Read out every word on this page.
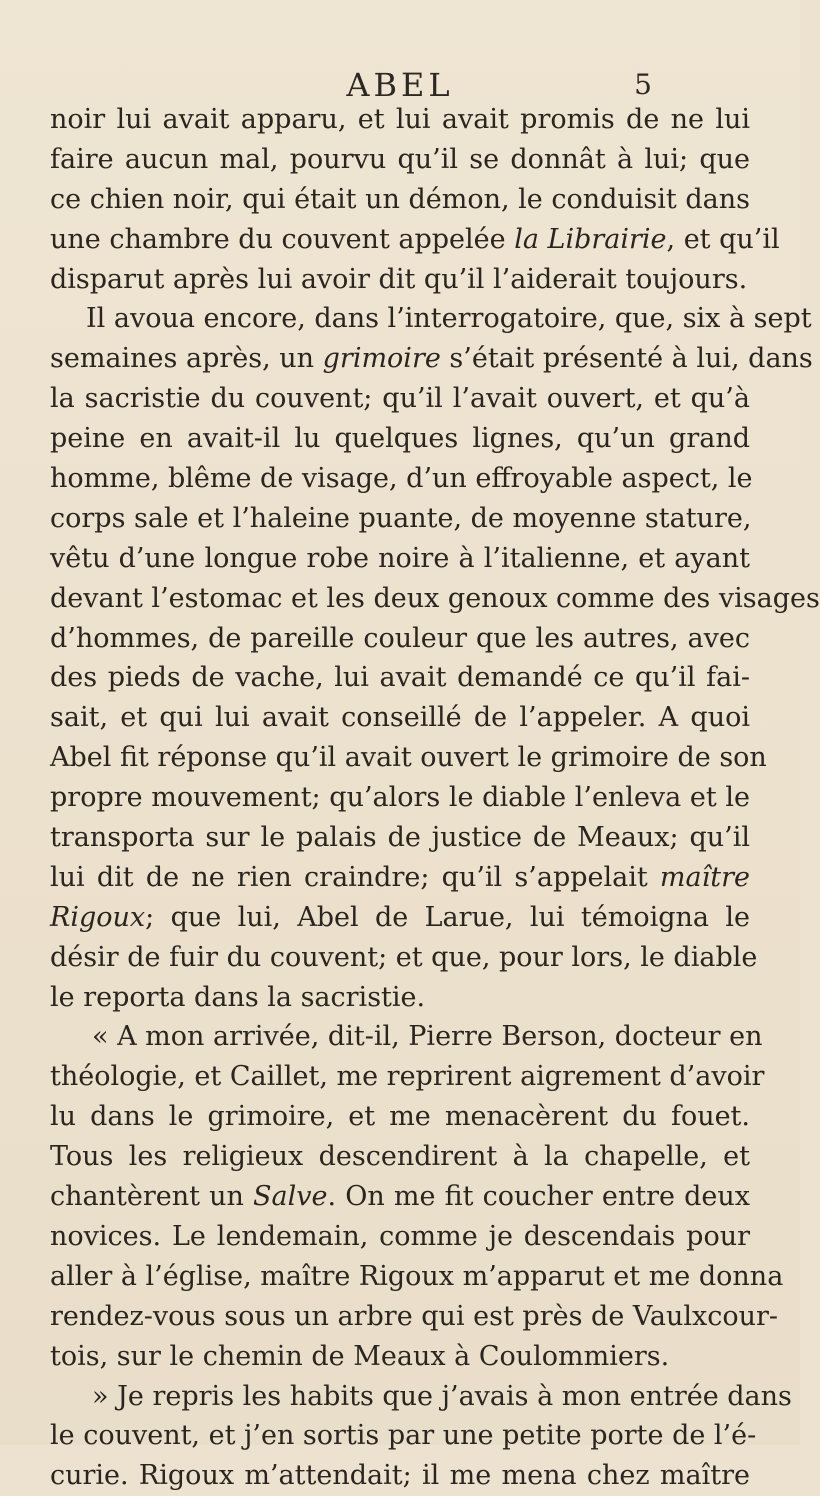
ABEL	5
noir lui avait apparu, et lui avait promis de ne lui
faire aucun mal, pourvu qu’il se donnât à lui; que
ce chien noir, qui était un démon, le conduisit dans
une chambre du couvent appelée la Librairie, et qu’il
disparut après lui avoir dit qu’il l’aiderait toujours.
Il avoua encore, dans l’interrogatoire, que, six à sept
semaines après, un grimoire s’était présenté à lui, dans
la sacristie du couvent; qu’il l’avait ouvert, et qu’à
peine en avait-il lu quelques lignes, qu’un grand
homme, blême de visage, d’un effroyable aspect, le
corps sale et l’haleine puante, de moyenne stature,
vêtu d’une longue robe noire à l’italienne, et ayant
devant l’estomac et les deux genoux comme des visages
d’hommes, de pareille couleur que les autres, avec
des pieds de vache, lui avait demandé ce qu’il fai-
sait, et qui lui avait conseillé de l’appeler. A quoi
Abel fit réponse qu’il avait ouvert le grimoire de son
propre mouvement; qu’alors le diable l’enleva et le
transporta sur le palais de justice de Meaux; qu’il
lui dit de ne rien craindre; qu’il s’appelait maître
Rigoux; que lui, Abel de Larue, lui témoigna le
désir de fuir du couvent; et que, pour lors, le diable
le reporta dans la sacristie.
« A mon arrivée, dit-il, Pierre Berson, docteur en
théologie, et Caillet, me reprirent aigrement d’avoir
lu dans le grimoire, et me menacèrent du fouet.
Tous les religieux descendirent à la chapelle, et
chantèrent un Salve. On me fit coucher entre deux
novices. Le lendemain, comme je descendais pour
aller à l’église, maître Rigoux m’apparut et me donna
rendez-vous sous un arbre qui est près de Vaulxcour-
tois, sur le chemin de Meaux à Coulommiers.
» Je repris les habits que j’avais à mon entrée dans
le couvent, et j’en sortis par une petite porte de l’é-
curie. Rigoux m’attendait; il me mena chez maître
